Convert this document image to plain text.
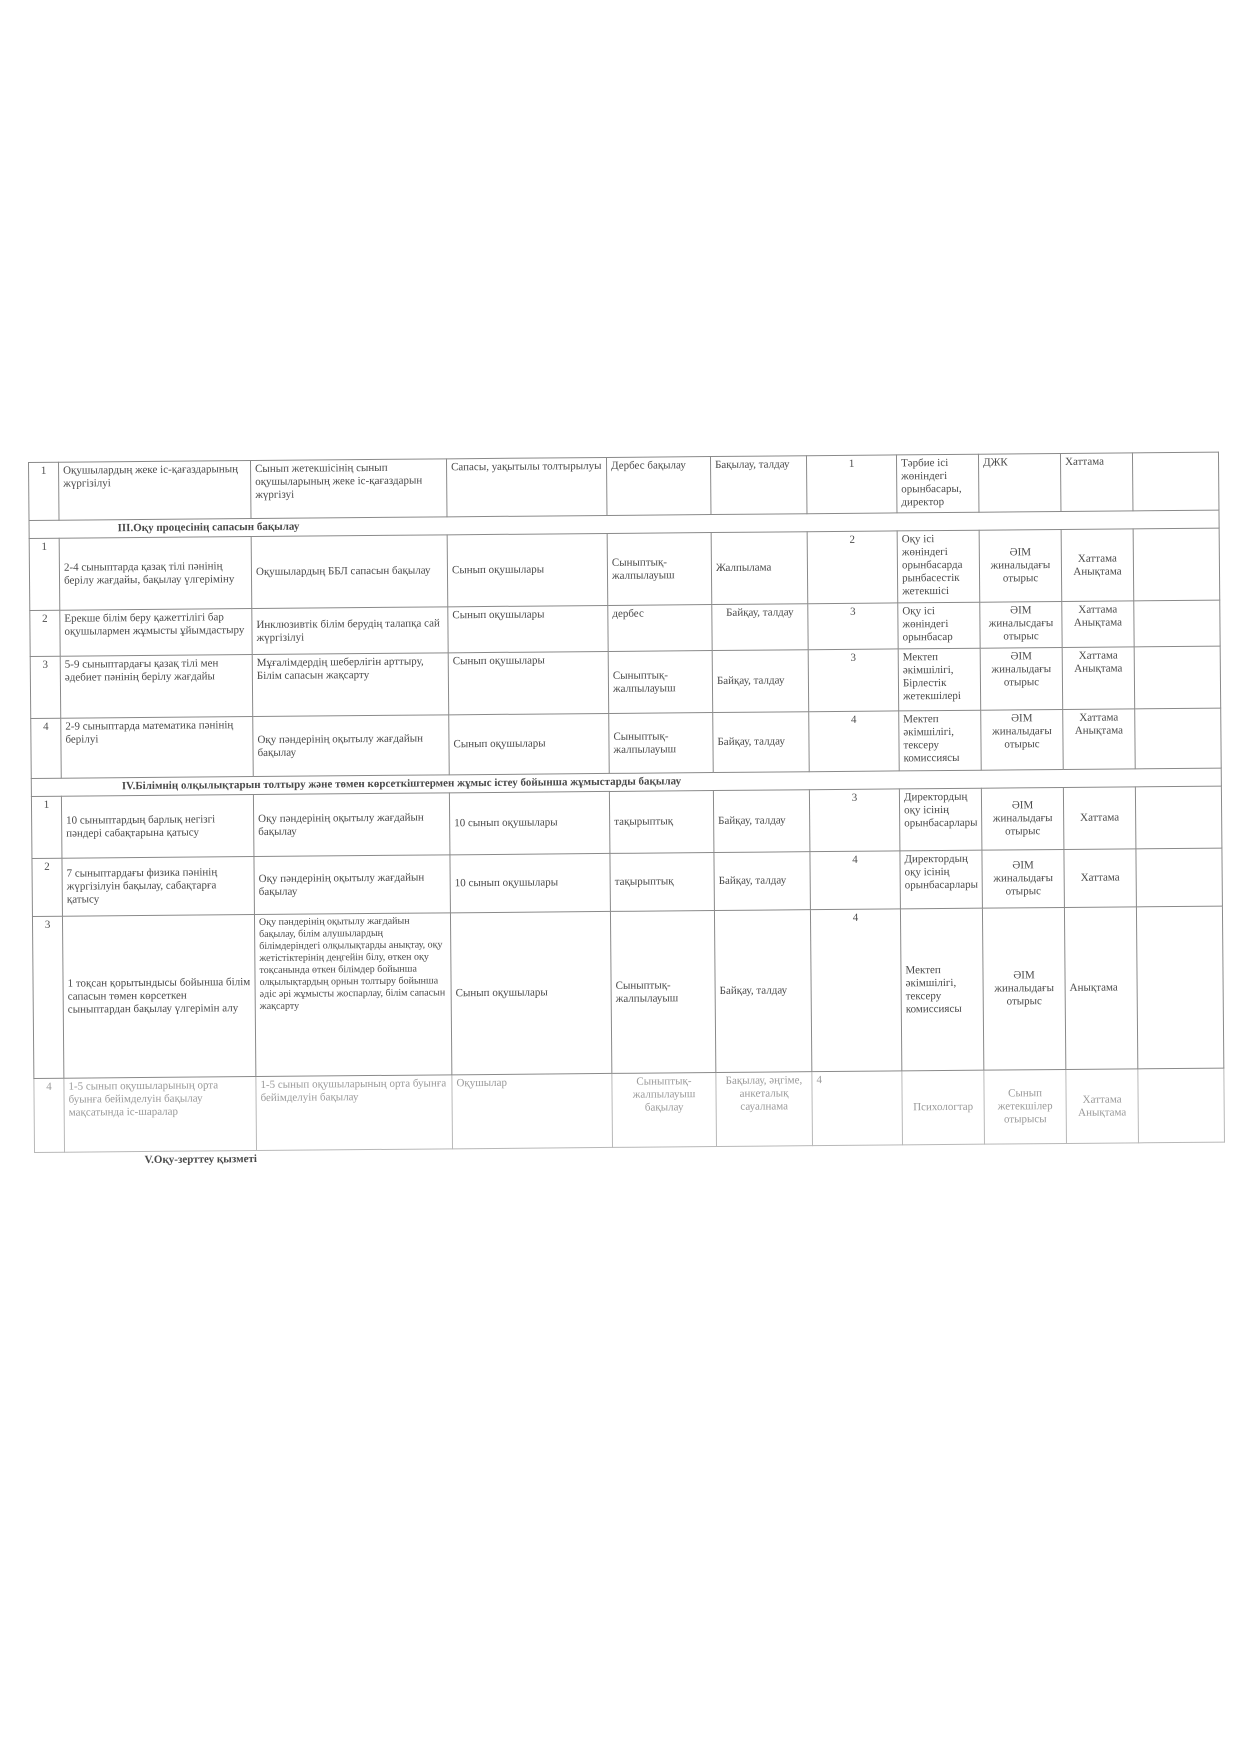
1	Оқушылардың жеке іс-қағаздарының жүргізілуі	Сынып жетекшісінің сынып оқушыларының жеке іс-қағаздарын жүргізуі	Сапасы, уақытылы толтырылуы	Дербес бақылау	Бақылау, талдау	1	Тәрбие ісі жөніндегі орынбасары, директор	ДЖК	Хаттама	
ІІІ.Оқу процесінің сапасын бақылау										
1	2-4 сыныптарда қазақ тілі пәнінің берілу жағдайы, бақылау үлгеріміну	Оқушылардың ББЛ сапасын бақылау	Сынып оқушылары	Сыныптық-жалпылауыш	Жалпылама	2	Оқу ісі жөніндегі орынбасарда рынбасестік жетекшісі	ӘІМ жиналыдағы отырыс	Хаттама Анықтама	
2	Ерекше білім беру қажеттілігі бар оқушылармен жұмысты ұйымдастыру	Инклюзивтік білім берудің талапқа сай жүргізілуі	Сынып оқушылары	дербес	Байқау, талдау	3	Оқу ісі жөніндегі орынбасар	ӘІМ жиналысдағы отырыс	Хаттама Анықтама	
3	5-9 сыныптардағы қазақ тілі мен әдебиет пәнінің берілу жағдайы	Мұғалімдердің шеберлігін арттыру, Білім сапасын жақсарту	Сынып оқушылары	Сыныптық-жалпылауыш	Байқау, талдау	3	Мектеп әкімшілігі, Бірлестік жетекшілері	ӘІМ жиналыдағы отырыс	Хаттама Анықтама	
4	2-9 сыныптарда математика пәнінің берілуі	Оқу пәндерінің оқытылу жағдайын бақылау	Сынып оқушылары	Сыныптық-жалпылауыш	Байқау, талдау	4	Мектеп әкімшілігі, тексеру комиссиясы	ӘІМ жиналыдағы отырыс	Хаттама Анықтама	
ІV.Білімнің олқылықтарын толтыру және төмен көрсеткіштермен жұмыс істеу бойынша жұмыстарды бақылау										
1	10 сыныптардың барлық негізгі пәндері сабақтарына қатысу	Оқу пәндерінің оқытылу жағдайын бақылау	10 сынып оқушылары	тақырыптық	Байқау, талдау	3	Директордың оқу ісінің орынбасарлары	ӘІМ жиналыдағы отырыс	Хаттама	
2	7 сыныптардағы физика пәнінің жүргізілуін бақылау, сабақтарға қатысу	Оқу пәндерінің оқытылу жағдайын бақылау	10 сынып оқушылары	тақырыптық	Байқау, талдау	4	Директордың оқу ісінің орынбасарлары	ӘІМ жиналыдағы отырыс	Хаттама	
3	1 тоқсан қорытындысы бойынша білім сапасын төмен көрсеткен сыныптардан бақылау үлгерімін алу	Оқу пәндерінің оқытылу жағдайын бақылау, білім алушылардың білімдеріндегі олқылықтарды анықтау, оқу жетістіктерінің деңгейін білу, өткен оқу тоқсанында өткен білімдер бойынша олқылықтардың орнын толтыру бойынша әдіс әрі жұмысты жоспарлау, білім сапасын жақсарту	Сынып оқушылары	Сыныптық-жалпылауыш	Байқау, талдау	4	Мектеп әкімшілігі, тексеру комиссиясы	ӘІМ жиналыдағы отырыс	Анықтама	
4	1-5 сынып оқушыларының орта буынға бейімделуін бақылау мақсатында іс-шаралар	1-5 сынып оқушыларының орта буынға бейімделуін бақылау	Оқушылар	Сыныптық-жалпылауыш бақылау	Бақылау, әңгіме, анкеталық сауалнама	4	Психологтар	Сынып жетекшілер отырысы	Хаттама Анықтама	
V.Оқу-зерттеу қызметі										
